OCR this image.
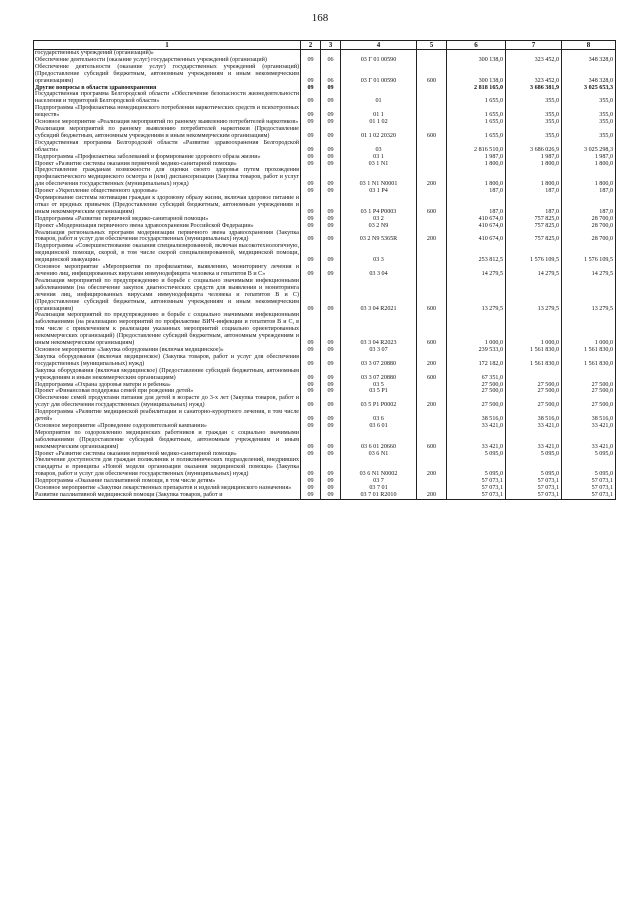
168
1	2	3	4	5	6	7	8
государственных учреждений (организаций)»							
Обеспечение деятельности (оказание услуг) государственных учреждений (организаций)	09	06	03 Г 01 00590		300 138,0	323 452,0	348 328,0
Обеспечение деятельности (оказание услуг) государственных учреждений (организаций) (Предоставление субсидий бюджетным, автономным учреждениям и иным некоммерческим организациям)	09	06	03 Г 01 00590	600	300 138,0	323 452,0	348 328,0
Другие вопросы в области здравоохранения	09	09			2 818 165,0	3 686 381,9	3 025 653,3
Государственная программа Белгородской области «Обеспечение безопасности жизнедеятельности населения и территорий Белгородской области»	09	09	01		1 655,0	355,0	355,0
Подпрограмма «Профилактика немедицинского потребления наркотических средств и психотропных веществ»	09	09	01 1		1 655,0	355,0	355,0
Основное мероприятие «Реализация мероприятий по раннему выявлению потребителей наркотиков»	09	09	01 1 02		1 655,0	355,0	355,0
Реализация мероприятий по раннему выявлению потребителей наркотиков (Предоставление субсидий бюджетным, автономным учреждениям и иным некоммерческим организациям)	09	09	01 1 02 20320	600	1 655,0	355,0	355,0
Государственная программа Белгородской области «Развитие здравоохранения Белгородской области»	09	09	03		2 816 510,0	3 686 026,9	3 025 298,3
Подпрограмма «Профилактика заболеваний и формирование здорового образа жизни»	09	09	03 1		1 987,0	1 987,0	1 987,0
Проект «Развитие системы оказания первичной медико-санитарной помощи»	09	09	03 1 N1		1 800,0	1 800,0	1 800,0
Предоставление гражданам возможности для оценки своего здоровья путем прохождения профилактического медицинского осмотра и (или) диспансеризации (Закупка товаров, работ и услуг для обеспечения государственных (муниципальных) нужд)	09	09	03 1 N1 N0001	200	1 800,0	1 800,0	1 800,0
Проект «Укрепление общественного здоровья»	09	09	03 1 P4		187,0	187,0	187,0
Формирование системы мотивации граждан к здоровому образу жизни, включая здоровое питание и отказ от вредных привычек (Предоставление субсидий бюджетным, автономным учреждениям и иным некоммерческим организациям)	09	09	03 1 P4 P0003	600	187,0	187,0	187,0
Подпрограмма «Развитие первичной медико-санитарной помощи»	09	09	03 2		410 674,0	757 825,0	28 700,0
Проект «Модернизация первичного звена здравоохранения Российской Федерации»	09	09	03 2 N9		410 674,0	757 825,0	28 700,0
Реализация региональных программ модернизации первичного звена здравоохранения (Закупка товаров, работ и услуг для обеспечения государственных (муниципальных) нужд)	09	09	03 2 N9 5365R	200	410 674,0	757 825,0	28 700,0
Подпрограмма «Совершенствование оказания специализированной, включая высокотехнологичную, медицинской помощи, скорой, в том числе скорой специализированной, медицинской помощи, медицинской эвакуации»	09	09	03 3		253 812,5	1 576 109,5	1 576 109,5
Основное мероприятие «Мероприятия по профилактике, выявлению, мониторингу лечения и лечению лиц, инфицированных вирусами иммунодефицита человека и гепатитов В и С»	09	09	03 3 04		14 279,5	14 279,5	14 279,5
Реализация мероприятий по предупреждению и борьбе с социально значимыми инфекционными заболеваниями (на обеспечение закупок диагностических средств для выявления и мониторинга лечения лиц, инфицированных вирусами иммунодефицита человека и гепатитов В и С) (Предоставление субсидий бюджетным, автономным учреждениям и иным некоммерческим организациям)	09	09	03 3 04 R2021	600	13 279,5	13 279,5	13 279,5
Реализация мероприятий по предупреждению и борьбе с социально значимыми инфекционными заболеваниями (на реализацию мероприятий по профилактике ВИЧ-инфекции и гепатитов В и С, в том числе с привлечением к реализации указанных мероприятий социально ориентированных некоммерческих организаций) (Предоставление субсидий бюджетным, автономным учреждениям и иным некоммерческим организациям)	09	09	03 3 04 R2023	600	1 000,0	1 000,0	1 000,0
Основное мероприятие «Закупка оборудования (включая медицинское)»	09	09	03 3 07		239 533,0	1 561 830,0	1 561 830,0
Закупка оборудования (включая медицинское) (Закупка товаров, работ и услуг для обеспечения государственных (муниципальных) нужд)	09	09	03 3 07 20880	200	172 182,0	1 561 830,0	1 561 830,0
Закупка оборудования (включая медицинское) (Предоставление субсидий бюджетным, автономным учреждениям и иным некоммерческим организациям)	09	09	03 3 07 20880	600	67 351,0		
Подпрограмма «Охрана здоровья матери и ребенка»	09	09	03 5		27 500,0	27 500,0	27 500,0
Проект «Финансовая поддержка семей при рождении детей»	09	09	03 5 P1		27 500,0	27 500,0	27 500,0
Обеспечение семей продуктами питания для детей в возрасте до 3-х лет (Закупка товаров, работ и услуг для обеспечения государственных (муниципальных) нужд)	09	09	03 5 P1 P0002	200	27 500,0	27 500,0	27 500,0
Подпрограмма «Развитие медицинской реабилитации и санаторно-курортного лечения, в том числе детей»	09	09	03 6		38 516,0	38 516,0	38 516,0
Основное мероприятие «Проведение оздоровительной кампании»	09	09	03 6 01		33 421,0	33 421,0	33 421,0
Мероприятия по оздоровлению медицинских работников и граждан с социально значимыми заболеваниями (Предоставление субсидий бюджетным, автономным учреждениям и иным некоммерческим организациям)	09	09	03 6 01 20660	600	33 421,0	33 421,0	33 421,0
Проект «Развитие системы оказания первичной медико-санитарной помощи»	09	09	03 6 N1		5 095,0	5 095,0	5 095,0
Увеличение доступности для граждан поликлиник и поликлинических подразделений, внедривших стандарты и принципы «Новой модели организации оказания медицинской помощи» (Закупка товаров, работ и услуг для обеспечения государственных (муниципальных) нужд)	09	09	03 6 N1 N0002	200	5 095,0	5 095,0	5 095,0
Подпрограмма «Оказание паллиативной помощи, в том числе детям»	09	09	03 7		57 073,1	57 073,1	57 073,1
Основное мероприятие «Закупки лекарственных препаратов и изделий медицинского назначения»	09	09	03 7 01		57 073,1	57 073,1	57 073,1
Развитие паллиативной медицинской помощи (Закупка товаров, работ и	09	09	03 7 01 R2010	200	57 073,1	57 073,1	57 073,1
